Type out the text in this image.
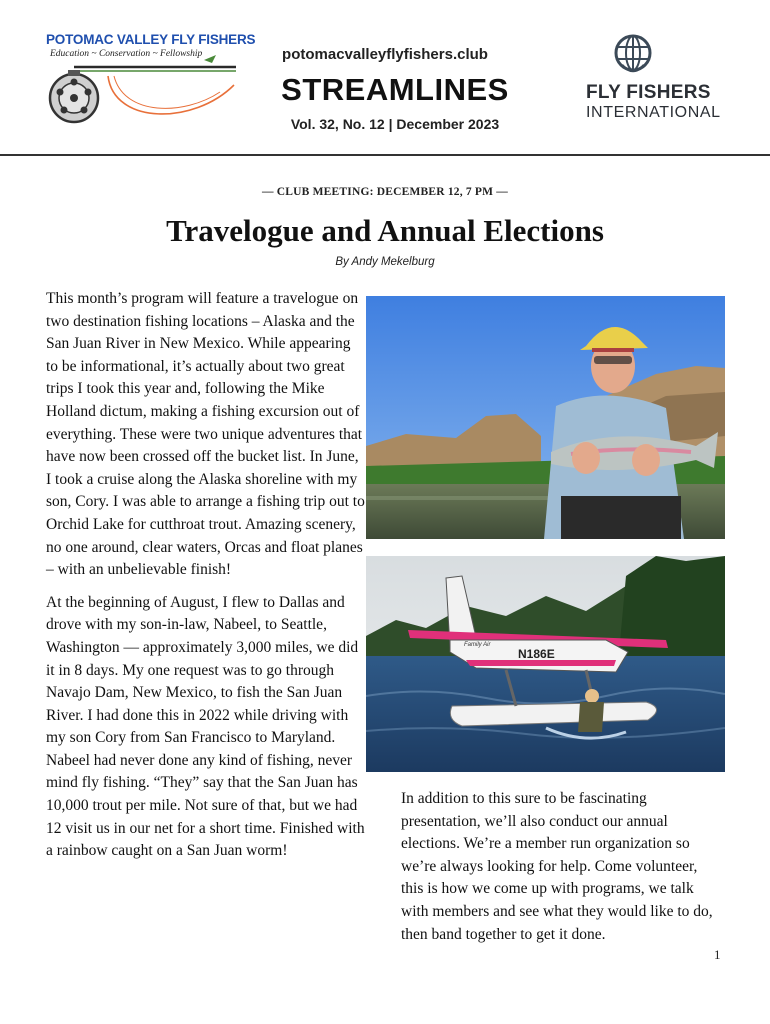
POTOMAC VALLEY FLY FISHERS
Education ~ Conservation ~ Fellowship	potomacvalleyflyfishers.club
STREAMLINES
Vol. 32, No. 12 | December 2023
FLY FISHERS
INTERNATIONAL
— CLUB MEETING: DECEMBER 12, 7 PM —
Travelogue and Annual Elections
By Andy Mekelburg

This month’s program will feature a travelogue on two destination fishing locations – Alaska and the San Juan River in New Mexico. While appearing to be informational, it’s actually about two great trips I took this year and, following the Mike Holland dictum, making a fishing excursion out of everything. These were two unique adventures that have now been crossed off the bucket list. In June, I took a cruise along the Alaska shoreline with my son, Cory. I was able to arrange a fishing trip out to Orchid Lake for cutthroat trout. Amazing scenery, no one around, clear waters, Orcas and float planes – with an unbelievable finish!

At the beginning of August, I flew to Dallas and drove with my son-in-law, Nabeel, to Seattle, Washington — approximately 3,000 miles, we did it in 8 days. My one request was to go through Navajo Dam, New Mexico, to fish the San Juan River. I had done this in 2022 while driving with my son Cory from San Francisco to Maryland. Nabeel had never done any kind of fishing, never mind fly fishing. “They” say that the San Juan has 10,000 trout per mile. Not sure of that, but we had 12 visit us in our net for a short time. Finished with a rainbow caught on a San Juan worm!

N186E
Family Air

In addition to this sure to be fascinating presentation, we’ll also conduct our annual elections. We’re a member run organization so we’re always looking for help. Come volunteer, this is how we come up with programs, we talk with members and see what they would like to do, then band together to get it done.

1
